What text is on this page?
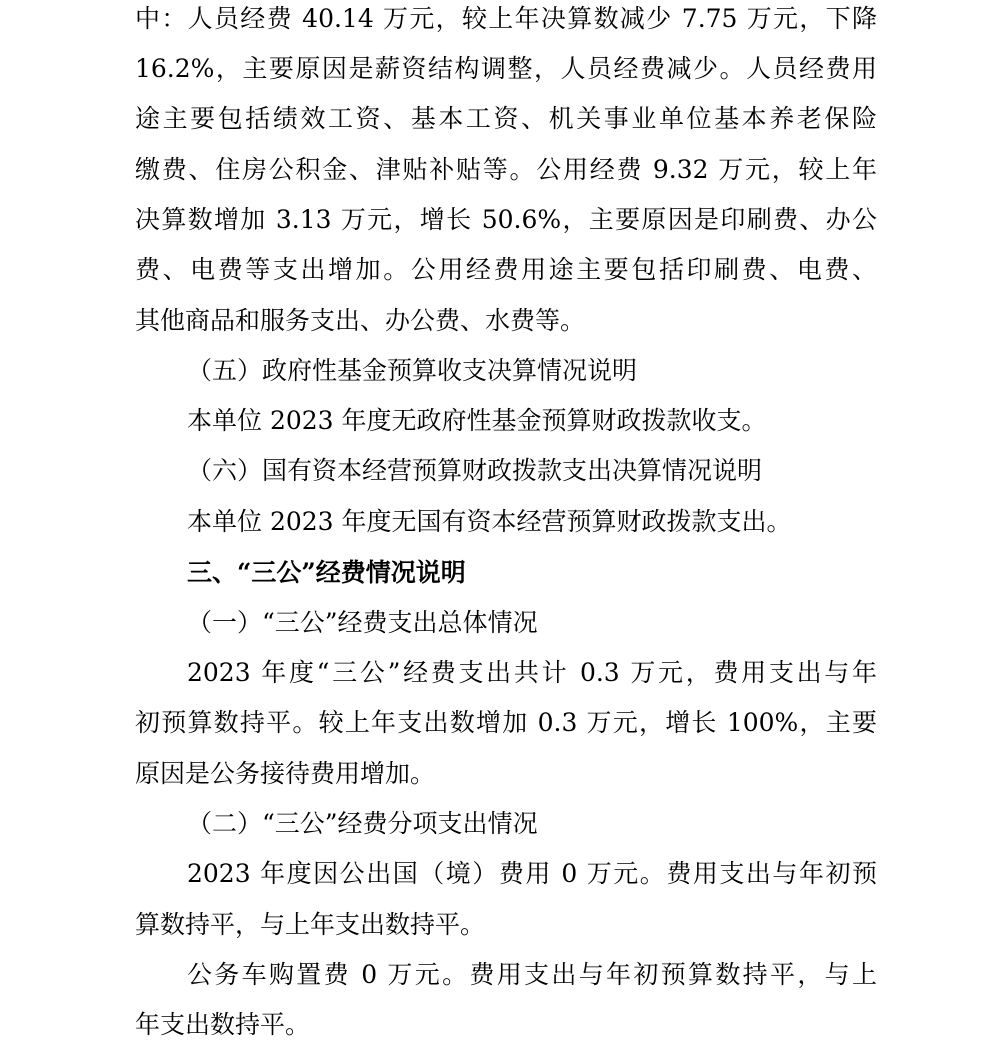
中：人员经费 40.14 万元，较上年决算数减少 7.75 万元，下降
16.2%，主要原因是薪资结构调整，人员经费减少。人员经费用
途主要包括绩效工资、基本工资、机关事业单位基本养老保险
缴费、住房公积金、津贴补贴等。公用经费 9.32 万元，较上年
决算数增加 3.13 万元，增长 50.6%，主要原因是印刷费、办公
费、电费等支出增加。公用经费用途主要包括印刷费、电费、
其他商品和服务支出、办公费、水费等。
（五）政府性基金预算收支决算情况说明
本单位 2023 年度无政府性基金预算财政拨款收支。
（六）国有资本经营预算财政拨款支出决算情况说明
本单位 2023 年度无国有资本经营预算财政拨款支出。
三、“三公”经费情况说明
（一）“三公”经费支出总体情况
2023 年度“三公”经费支出共计 0.3 万元，费用支出与年
初预算数持平。较上年支出数增加 0.3 万元，增长 100%，主要
原因是公务接待费用增加。
（二）“三公”经费分项支出情况
2023 年度因公出国（境）费用 0 万元。费用支出与年初预
算数持平，与上年支出数持平。
公务车购置费 0 万元。费用支出与年初预算数持平，与上
年支出数持平。
